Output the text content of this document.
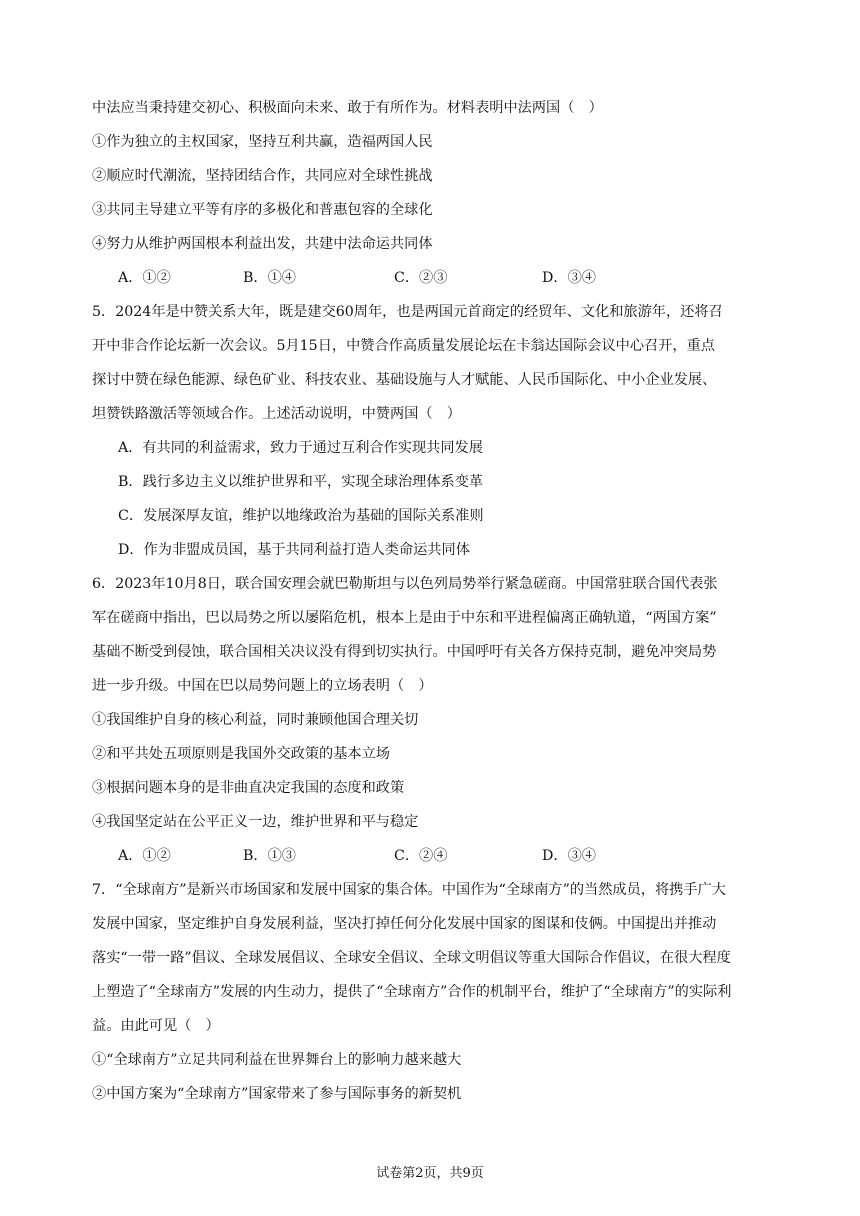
中法应当秉持建交初心、积极面向未来、敢于有所作为。材料表明中法两国（　）
①作为独立的主权国家，坚持互利共赢，造福两国人民
②顺应时代潮流，坚持团结合作，共同应对全球性挑战
③共同主导建立平等有序的多极化和普惠包容的全球化
④努力从维护两国根本利益出发，共建中法命运共同体
A．①②	B．①④	C．②③	D．③④
5．2024年是中赞关系大年，既是建交60周年，也是两国元首商定的经贸年、文化和旅游年，还将召
开中非合作论坛新一次会议。5月15日，中赞合作高质量发展论坛在卡翁达国际会议中心召开，重点
探讨中赞在绿色能源、绿色矿业、科技农业、基础设施与人才赋能、人民币国际化、中小企业发展、
坦赞铁路激活等领域合作。上述活动说明，中赞两国（　）
A．有共同的利益需求，致力于通过互利合作实现共同发展
B．践行多边主义以维护世界和平，实现全球治理体系变革
C．发展深厚友谊，维护以地缘政治为基础的国际关系准则
D．作为非盟成员国，基于共同利益打造人类命运共同体
6．2023年10月8日，联合国安理会就巴勒斯坦与以色列局势举行紧急磋商。中国常驻联合国代表张
军在磋商中指出，巴以局势之所以屡陷危机，根本上是由于中东和平进程偏离正确轨道，“两国方案”
基础不断受到侵蚀，联合国相关决议没有得到切实执行。中国呼吁有关各方保持克制，避免冲突局势
进一步升级。中国在巴以局势问题上的立场表明（　）
①我国维护自身的核心利益，同时兼顾他国合理关切
②和平共处五项原则是我国外交政策的基本立场
③根据问题本身的是非曲直决定我国的态度和政策
④我国坚定站在公平正义一边，维护世界和平与稳定
A．①②	B．①③	C．②④	D．③④
7．“全球南方”是新兴市场国家和发展中国家的集合体。中国作为“全球南方”的当然成员，将携手广大
发展中国家，坚定维护自身发展利益，坚决打掉任何分化发展中国家的图谋和伎俩。中国提出并推动
落实“一带一路”倡议、全球发展倡议、全球安全倡议、全球文明倡议等重大国际合作倡议，在很大程度
上塑造了“全球南方”发展的内生动力，提供了“全球南方”合作的机制平台，维护了“全球南方”的实际利
益。由此可见（　）
①“全球南方”立足共同利益在世界舞台上的影响力越来越大
②中国方案为“全球南方”国家带来了参与国际事务的新契机
试卷第2页，共9页
